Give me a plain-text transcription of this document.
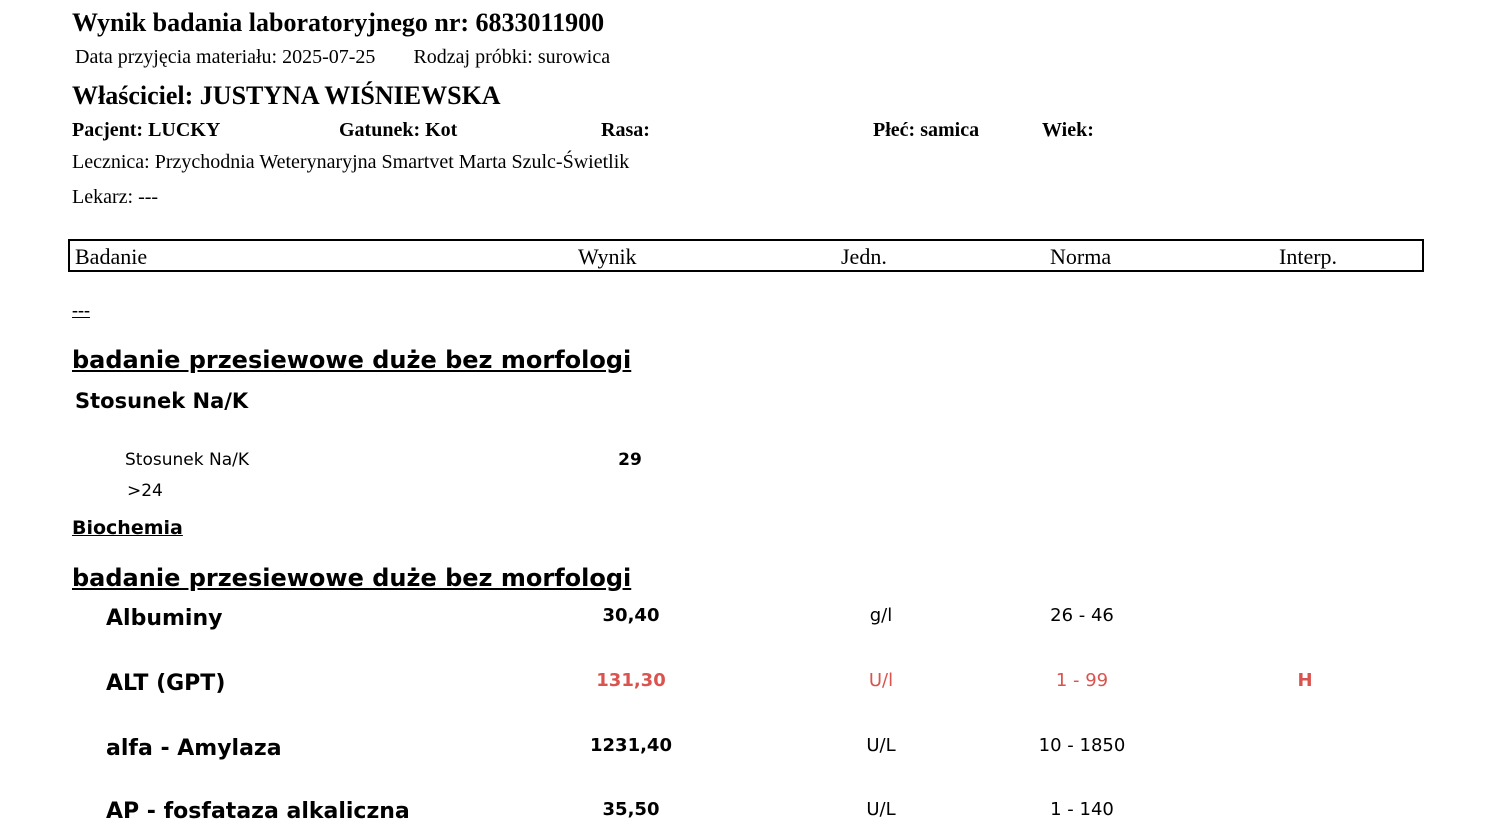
Wynik badania laboratoryjnego nr: 6833011900
Data przyjęcia materiału: 2025-07-25 Rodzaj próbki: surowica
Właściciel: JUSTYNA WIŚNIEWSKA
Pacjent: LUCKY	Gatunek: Kot	Rasa:	Płeć: samica	Wiek:
Lecznica: Przychodnia Weterynaryjna Smartvet Marta Szulc-Świetlik
Lekarz: ---
Badanie	Wynik	Jedn.	Norma	Interp.
---
badanie przesiewowe duże bez morfologi
Stosunek Na/K
Stosunek Na/K	29
>24
Biochemia
badanie przesiewowe duże bez morfologi
Albuminy	30,40	g/l	26 - 46
ALT (GPT)	131,30	U/l	1 - 99	H
alfa - Amylaza	1231,40	U/L	10 - 1850
AP - fosfataza alkaliczna	35,50	U/L	1 - 140
